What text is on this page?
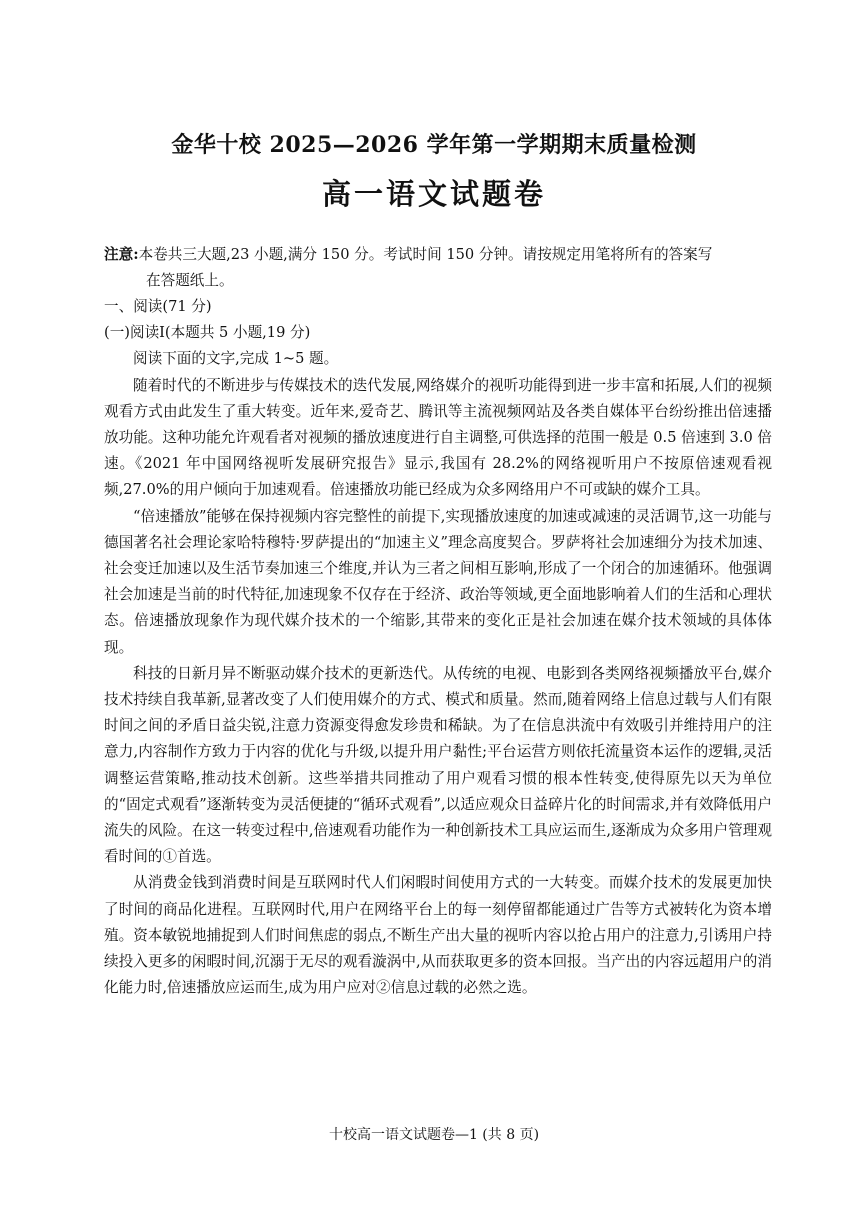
金华十校 2025—2026 学年第一学期期末质量检测
高一语文试题卷
注意:本卷共三大题,23 小题,满分 150 分。考试时间 150 分钟。请按规定用笔将所有的答案写
在答题纸上。
一、阅读(71 分)
(一)阅读Ⅰ(本题共 5 小题,19 分)
阅读下面的文字,完成 1~5 题。
随着时代的不断进步与传媒技术的迭代发展,网络媒介的视听功能得到进一步丰富和拓展,人们的视频观看方式由此发生了重大转变。近年来,爱奇艺、腾讯等主流视频网站及各类自媒体平台纷纷推出倍速播放功能。这种功能允许观看者对视频的播放速度进行自主调整,可供选择的范围一般是 0.5 倍速到 3.0 倍速。《2021 年中国网络视听发展研究报告》显示,我国有 28.2%的网络视听用户不按原倍速观看视频,27.0%的用户倾向于加速观看。倍速播放功能已经成为众多网络用户不可或缺的媒介工具。
“倍速播放”能够在保持视频内容完整性的前提下,实现播放速度的加速或减速的灵活调节,这一功能与德国著名社会理论家哈特穆特·罗萨提出的“加速主义”理念高度契合。罗萨将社会加速细分为技术加速、社会变迁加速以及生活节奏加速三个维度,并认为三者之间相互影响,形成了一个闭合的加速循环。他强调社会加速是当前的时代特征,加速现象不仅存在于经济、政治等领域,更全面地影响着人们的生活和心理状态。倍速播放现象作为现代媒介技术的一个缩影,其带来的变化正是社会加速在媒介技术领域的具体体现。
科技的日新月异不断驱动媒介技术的更新迭代。从传统的电视、电影到各类网络视频播放平台,媒介技术持续自我革新,显著改变了人们使用媒介的方式、模式和质量。然而,随着网络上信息过载与人们有限时间之间的矛盾日益尖锐,注意力资源变得愈发珍贵和稀缺。为了在信息洪流中有效吸引并维持用户的注意力,内容制作方致力于内容的优化与升级,以提升用户黏性;平台运营方则依托流量资本运作的逻辑,灵活调整运营策略,推动技术创新。这些举措共同推动了用户观看习惯的根本性转变,使得原先以天为单位的“固定式观看”逐渐转变为灵活便捷的“循环式观看”,以适应观众日益碎片化的时间需求,并有效降低用户流失的风险。在这一转变过程中,倍速观看功能作为一种创新技术工具应运而生,逐渐成为众多用户管理观看时间的①首选。
从消费金钱到消费时间是互联网时代人们闲暇时间使用方式的一大转变。而媒介技术的发展更加快了时间的商品化进程。互联网时代,用户在网络平台上的每一刻停留都能通过广告等方式被转化为资本增殖。资本敏锐地捕捉到人们时间焦虑的弱点,不断生产出大量的视听内容以抢占用户的注意力,引诱用户持续投入更多的闲暇时间,沉溺于无尽的观看漩涡中,从而获取更多的资本回报。当产出的内容远超用户的消化能力时,倍速播放应运而生,成为用户应对②信息过载的必然之选。
十校高一语文试题卷—1 (共 8 页)
